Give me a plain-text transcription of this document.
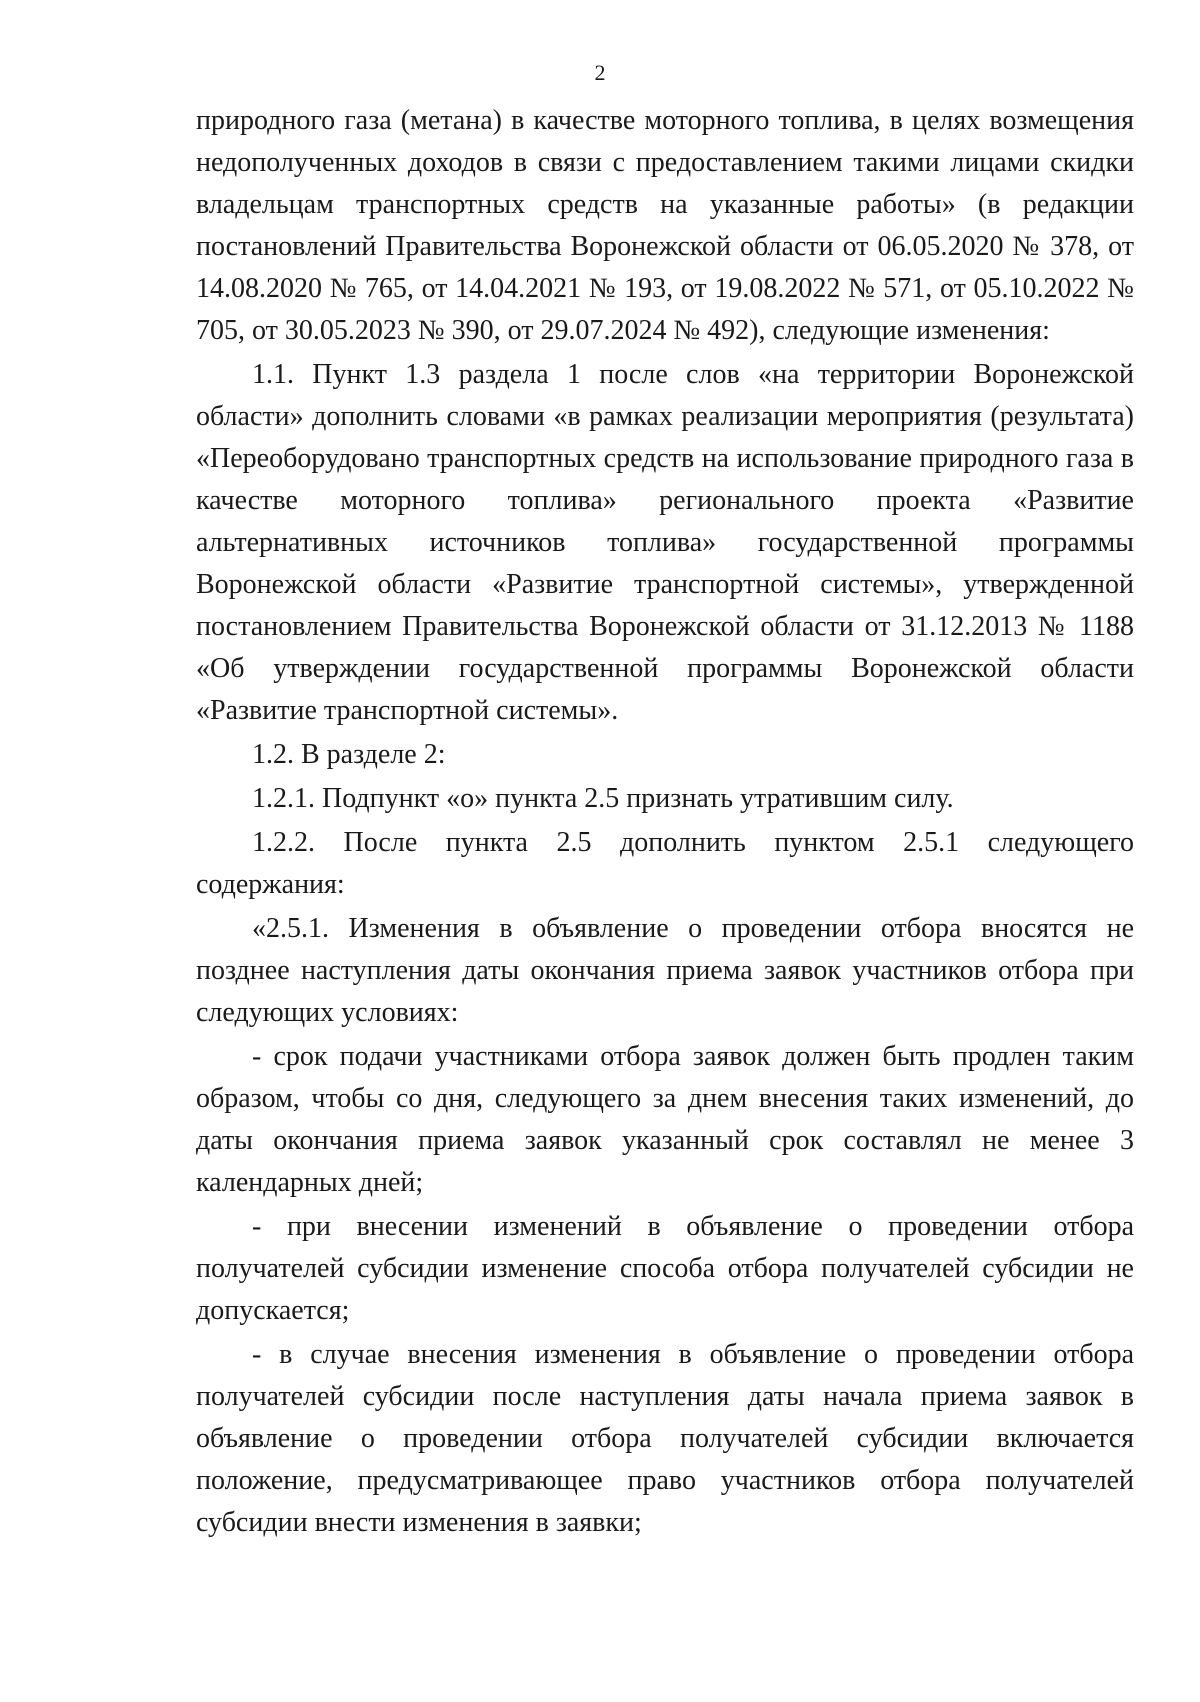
2

природного газа (метана) в качестве моторного топлива, в целях возмещения недополученных доходов в связи с предоставлением такими лицами скидки владельцам транспортных средств на указанные работы» (в редакции постановлений Правительства Воронежской области от 06.05.2020 № 378, от 14.08.2020 № 765, от 14.04.2021 № 193, от 19.08.2022 № 571, от 05.10.2022 № 705, от 30.05.2023 № 390, от 29.07.2024 № 492), следующие изменения:

1.1. Пункт 1.3 раздела 1 после слов «на территории Воронежской области» дополнить словами «в рамках реализации мероприятия (результата) «Переоборудовано транспортных средств на использование природного газа в качестве моторного топлива» регионального проекта «Развитие альтернативных источников топлива» государственной программы Воронежской области «Развитие транспортной системы», утвержденной постановлением Правительства Воронежской области от 31.12.2013 № 1188 «Об утверждении государственной программы Воронежской области «Развитие транспортной системы».

1.2. В разделе 2:

1.2.1. Подпункт «о» пункта 2.5 признать утратившим силу.

1.2.2. После пункта 2.5 дополнить пунктом 2.5.1 следующего содержания:

«2.5.1. Изменения в объявление о проведении отбора вносятся не позднее наступления даты окончания приема заявок участников отбора при следующих условиях:

- срок подачи участниками отбора заявок должен быть продлен таким образом, чтобы со дня, следующего за днем внесения таких изменений, до даты окончания приема заявок указанный срок составлял не менее 3 календарных дней;

- при внесении изменений в объявление о проведении отбора получателей субсидии изменение способа отбора получателей субсидии не допускается;

- в случае внесения изменения в объявление о проведении отбора получателей субсидии после наступления даты начала приема заявок в объявление о проведении отбора получателей субсидии включается положение, предусматривающее право участников отбора получателей субсидии внести изменения в заявки;
